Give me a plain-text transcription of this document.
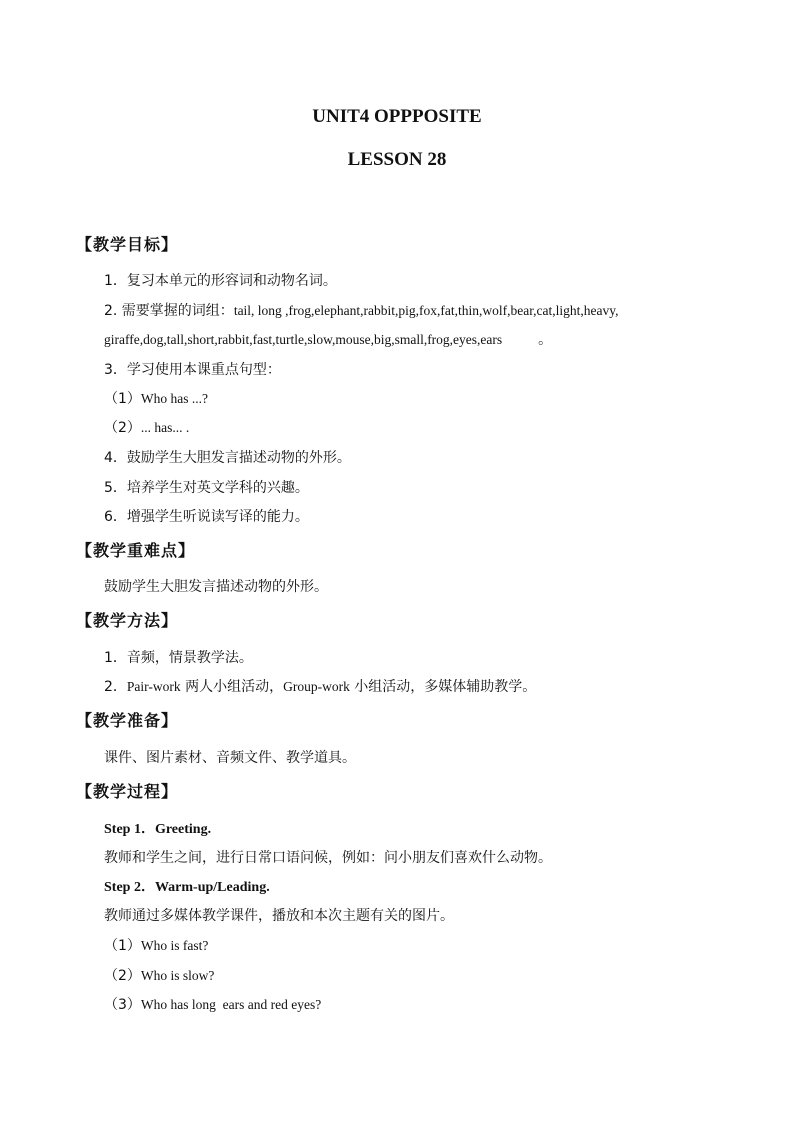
UNIT4 OPPPOSITE
LESSON 28
【教学目标】
1．复习本单元的形容词和动物名词。
2. 需要掌握的词组：tail, long ,frog,elephant,rabbit,pig,fox,fat,thin,wolf,bear,cat,light,heavy,
giraffe,dog,tall,short,rabbit,fast,turtle,slow,mouse,big,small,frog,eyes,ears	。
3．学习使用本课重点句型：
（1）Who has ...?
（2）... has... .
4．鼓励学生大胆发言描述动物的外形。
5．培养学生对英文学科的兴趣。
6．增强学生听说读写译的能力。
【教学重难点】
鼓励学生大胆发言描述动物的外形。
【教学方法】
1．音频，情景教学法。
2．Pair-work 两人小组活动，Group-work 小组活动，多媒体辅助教学。
【教学准备】
课件、图片素材、音频文件、教学道具。
【教学过程】
Step 1．Greeting.
教师和学生之间，进行日常口语问候，例如：问小朋友们喜欢什么动物。
Step 2．Warm-up/Leading.
教师通过多媒体教学课件，播放和本次主题有关的图片。
（1）Who is fast?
（2）Who is slow?
（3）Who has long  ears and red eyes?
